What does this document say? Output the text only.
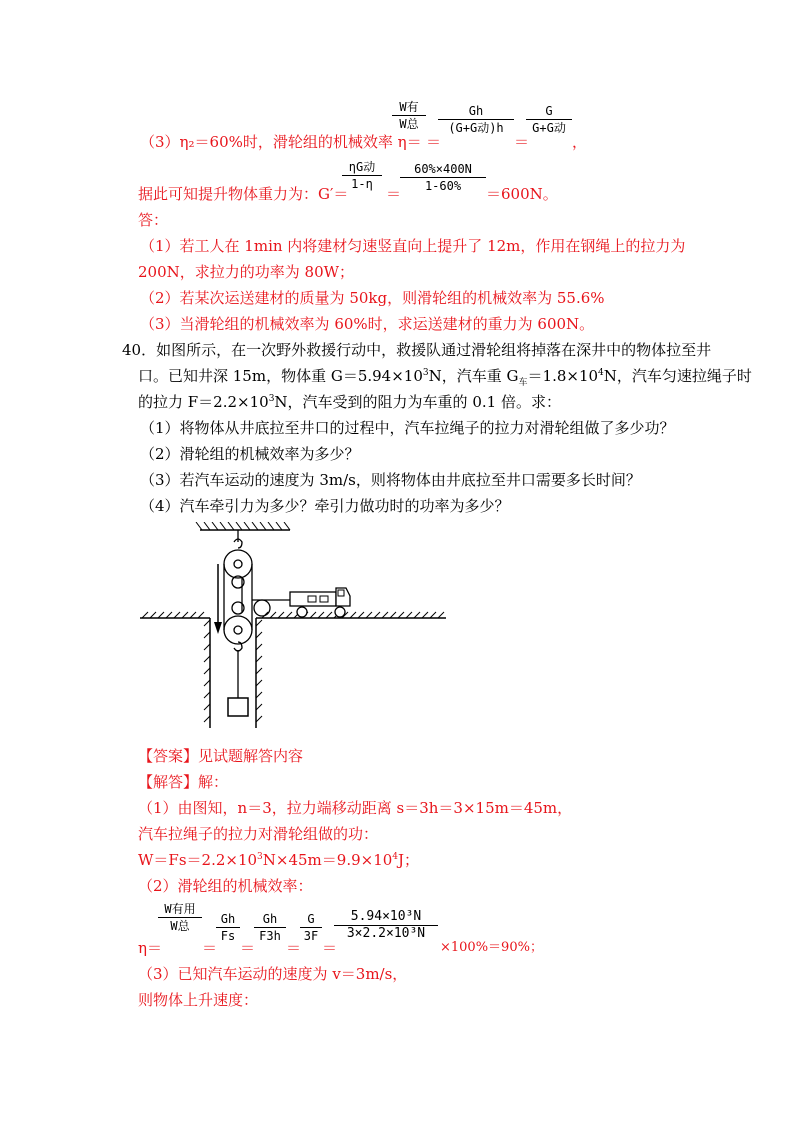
（3）η₂＝60%时，滑轮组的机械效率 η＝
W有
W总
＝
Gh
(G+G动)h
＝
G
G+G动
，
据此可知提升物体重力为：G′＝
ηG动
1-η
＝
60%×400N
1-60%	＝600N。
答：
（1）若工人在 1min 内将建材匀速竖直向上提升了 12m，作用在钢绳上的拉力为
200N，求拉力的功率为 80W；
（2）若某次运送建材的质量为 50kg，则滑轮组的机械效率为 55.6%
（3）当滑轮组的机械效率为 60%时，求运送建材的重力为 600N。
40．如图所示，在一次野外救援行动中，救援队通过滑轮组将掉落在深井中的物体拉至井
口。已知井深 15m，物体重 $G=5.94\times 10^3N$，汽车重 $G_车=1.8\times 10^4N$，汽车匀速拉绳子时
的拉力 $F=2.2\times 10^3N$，汽车受到的阻力为车重的 0.1 倍。求：
（1）将物体从井底拉至井口的过程中，汽车拉绳子的拉力对滑轮组做了多少功？
（2）滑轮组的机械效率为多少？
（3）若汽车运动的速度为 3m/s，则将物体由井底拉至井口需要多长时间？
（4）汽车牵引力为多少？牵引力做功时的功率为多少？
【答案】见试题解答内容
【解答】解：
（1）由图知，n＝3，拉力端移动距离 s＝3h＝3×15m＝45m，
汽车拉绳子的拉力对滑轮组做的功：
$W=Fs=2.2\times 10^3N\times 45m=9.9\times 10^4J$；
（2）滑轮组的机械效率：
η＝
W有用
W总
＝
Gh
Fs
＝
Gh
F3h
＝
G
3F
＝
5.94×10³N
3×2.2×10³N
×100%＝90%；
（3）已知汽车运动的速度为 v＝3m/s，
则物体上升速度：
